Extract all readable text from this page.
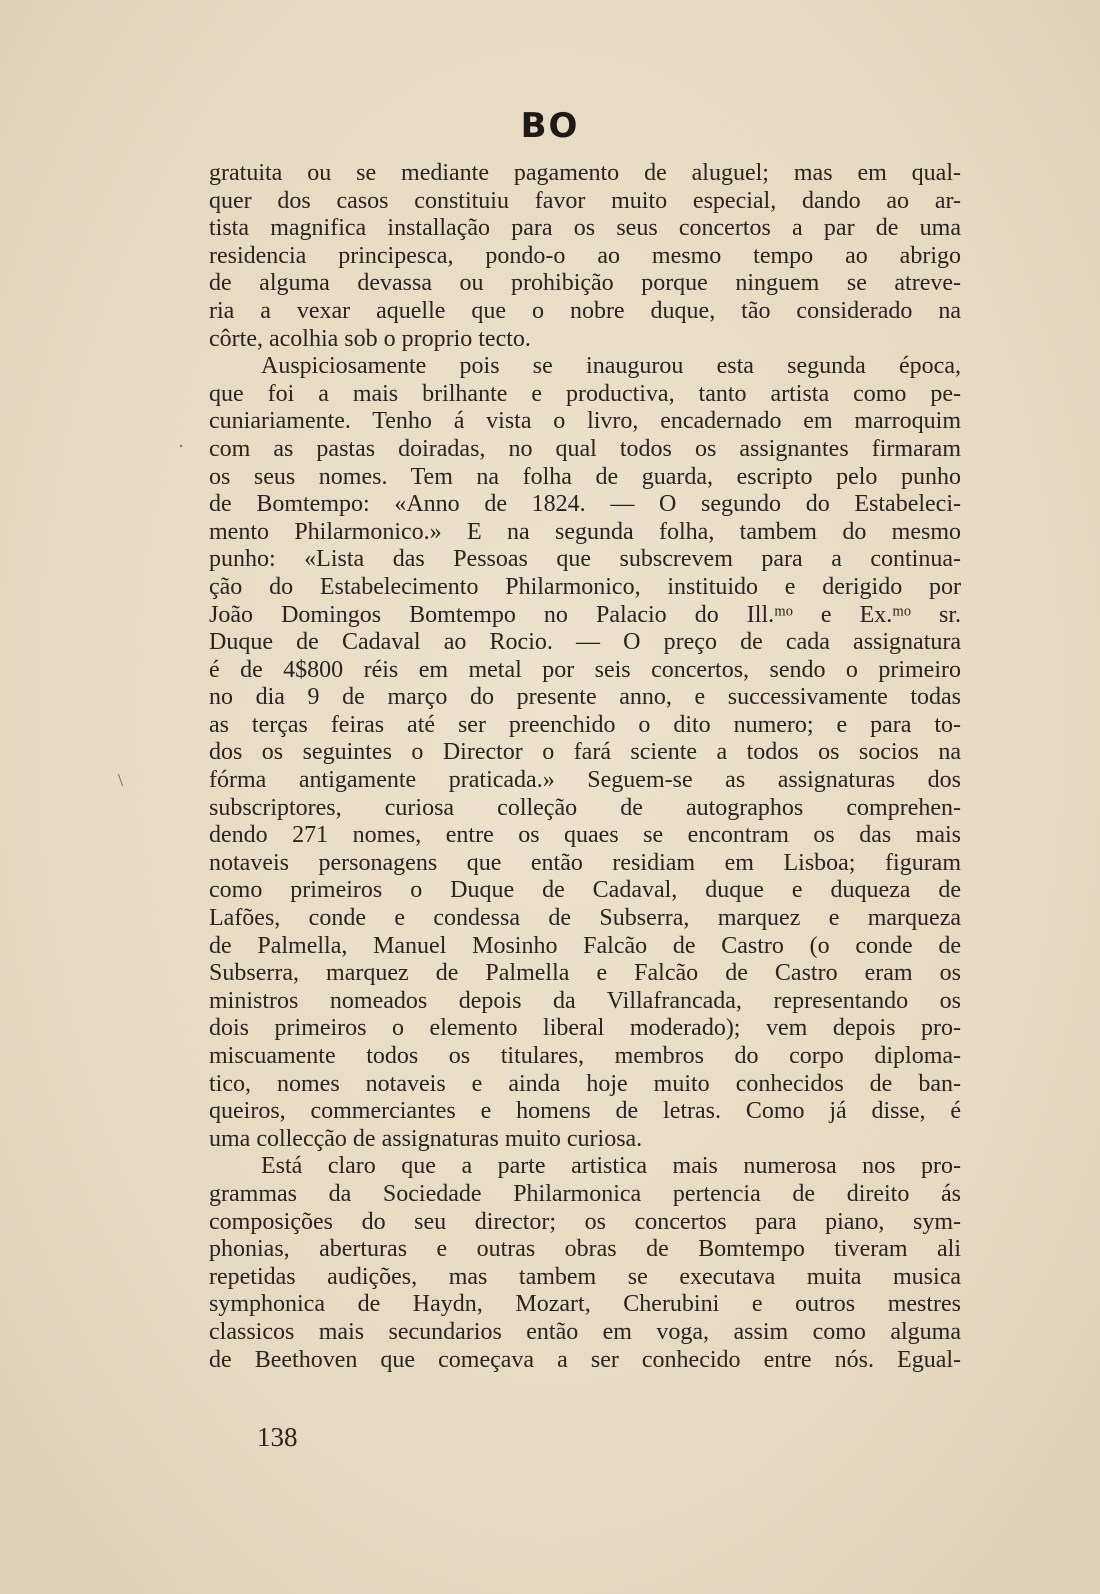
BO
gratuita ou se mediante pagamento de aluguel; mas em qual-
quer dos casos constituiu favor muito especial, dando ao ar-
tista magnifica installação para os seus concertos a par de uma
residencia principesca, pondo-o ao mesmo tempo ao abrigo
de alguma devassa ou prohibição porque ninguem se atreve-
ria a vexar aquelle que o nobre duque, tão considerado na
côrte, acolhia sob o proprio tecto.
Auspiciosamente pois se inaugurou esta segunda época,
que foi a mais brilhante e productiva, tanto artista como pe-
cuniariamente. Tenho á vista o livro, encadernado em marroquim
com as pastas doiradas, no qual todos os assignantes firmaram
os seus nomes. Tem na folha de guarda, escripto pelo punho
de Bomtempo: «Anno de 1824. — O segundo do Estabeleci-
mento Philarmonico.» E na segunda folha, tambem do mesmo
punho: «Lista das Pessoas que subscrevem para a continua-
ção do Estabelecimento Philarmonico, instituido e derigido por
João Domingos Bomtempo no Palacio do Ill.ᵐᵒ e Ex.ᵐᵒ sr.
Duque de Cadaval ao Rocio. — O preço de cada assignatura
é de 4$800 réis em metal por seis concertos, sendo o primeiro
no dia 9 de março do presente anno, e successivamente todas
as terças feiras até ser preenchido o dito numero; e para to-
dos os seguintes o Director o fará sciente a todos os socios na
fórma antigamente praticada.» Seguem-se as assignaturas dos
subscriptores, curiosa colleção de autographos comprehen-
dendo 271 nomes, entre os quaes se encontram os das mais
notaveis personagens que então residiam em Lisboa; figuram
como primeiros o Duque de Cadaval, duque e duqueza de
Lafões, conde e condessa de Subserra, marquez e marqueza
de Palmella, Manuel Mosinho Falcão de Castro (o conde de
Subserra, marquez de Palmella e Falcão de Castro eram os
ministros nomeados depois da Villafrancada, representando os
dois primeiros o elemento liberal moderado); vem depois pro-
miscuamente todos os titulares, membros do corpo diploma-
tico, nomes notaveis e ainda hoje muito conhecidos de ban-
queiros, commerciantes e homens de letras. Como já disse, é
uma collecção de assignaturas muito curiosa.
Está claro que a parte artistica mais numerosa nos pro-
grammas da Sociedade Philarmonica pertencia de direito ás
composições do seu director; os concertos para piano, sym-
phonias, aberturas e outras obras de Bomtempo tiveram ali
repetidas audições, mas tambem se executava muita musica
symphonica de Haydn, Mozart, Cherubini e outros mestres
classicos mais secundarios então em voga, assim como alguma
de Beethoven que começava a ser conhecido entre nós. Egual-
·
\
138
